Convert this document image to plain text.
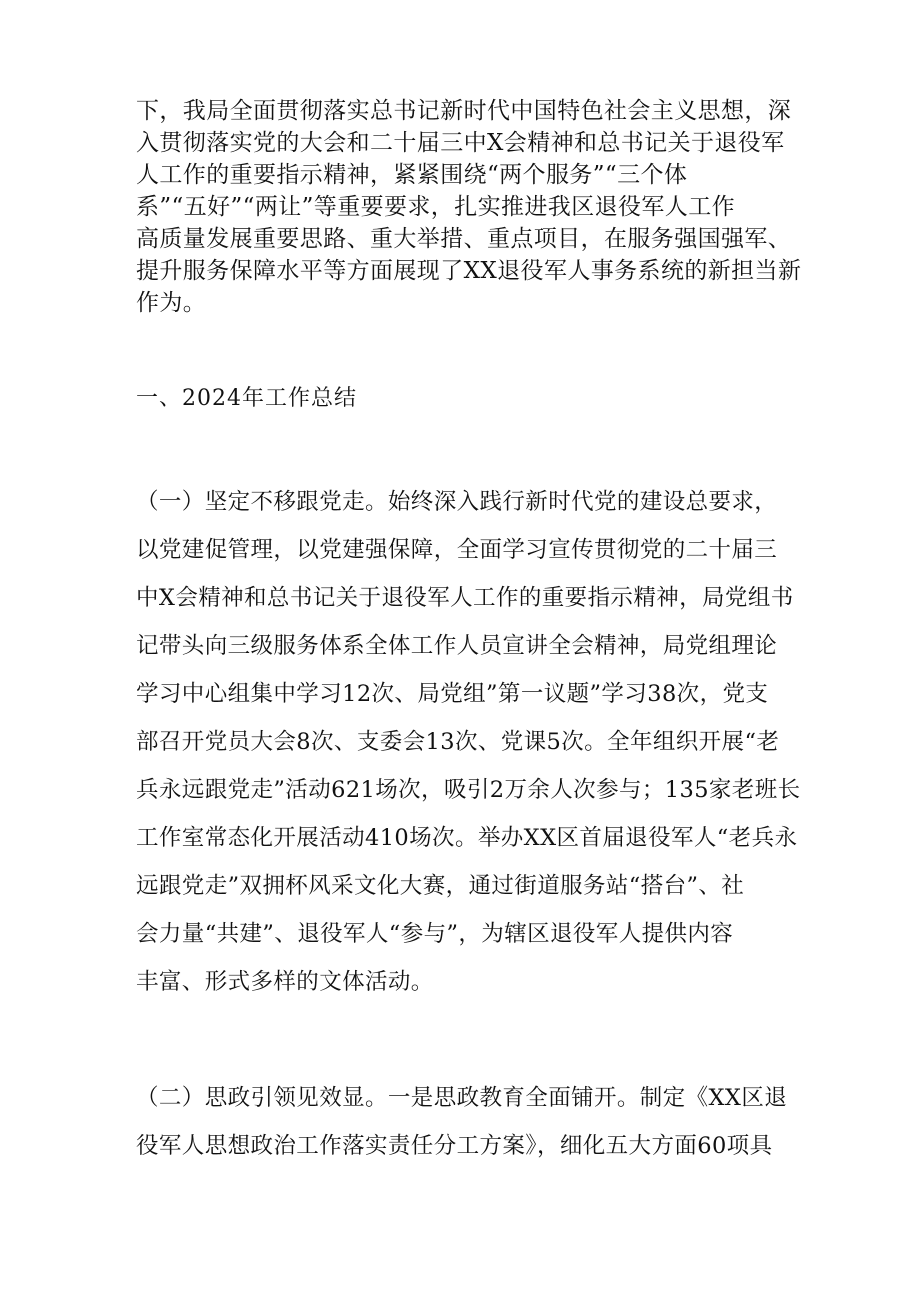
下，我局全面贯彻落实总书记新时代中国特色社会主义思想，深
入贯彻落实党的大会和二十届三中X会精神和总书记关于退役军
人工作的重要指示精神，紧紧围绕“两个服务”“三个体
系”“五好”“两让”等重要要求，扎实推进我区退役军人工作
高质量发展重要思路、重大举措、重点项目，在服务强国强军、
提升服务保障水平等方面展现了XX退役军人事务系统的新担当新
作为。
一、2024年工作总结
（一）坚定不移跟党走。始终深入践行新时代党的建设总要求，
以党建促管理，以党建强保障，全面学习宣传贯彻党的二十届三
中X会精神和总书记关于退役军人工作的重要指示精神，局党组书
记带头向三级服务体系全体工作人员宣讲全会精神，局党组理论
学习中心组集中学习12次、局党组”第一议题”学习38次，党支
部召开党员大会8次、支委会13次、党课5次。全年组织开展“老
兵永远跟党走”活动621场次，吸引2万余人次参与；135家老班长
工作室常态化开展活动410场次。举办XX区首届退役军人“老兵永
远跟党走”双拥杯风采文化大赛，通过街道服务站“搭台”、社
会力量“共建”、退役军人“参与”，为辖区退役军人提供内容
丰富、形式多样的文体活动。
（二）思政引领见效显。一是思政教育全面铺开。制定《XX区退
役军人思想政治工作落实责任分工方案》，细化五大方面60项具
